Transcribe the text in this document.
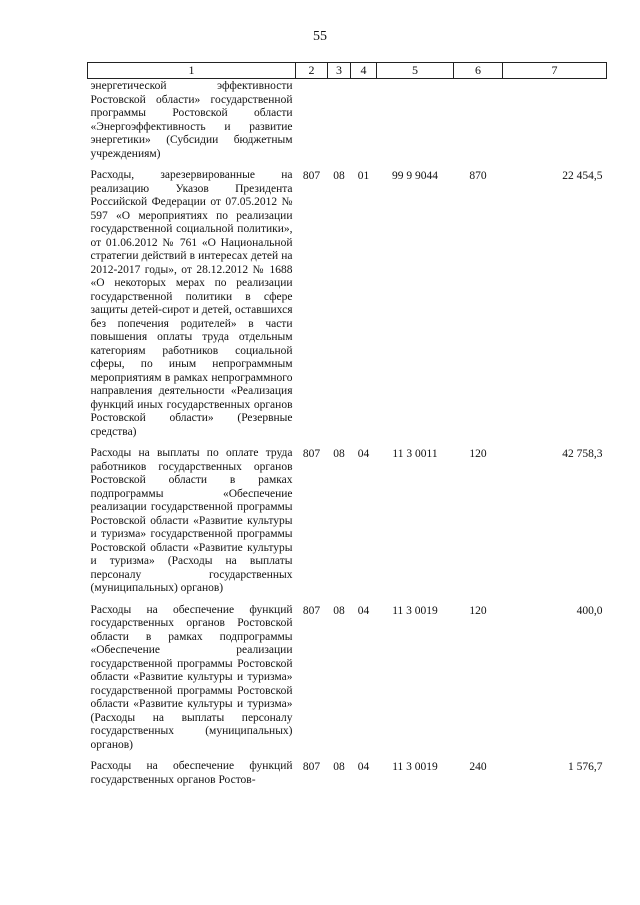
55
1	2	3	4	5	6	7
энергетической эффективности Ростовской области» государственной программы Ростовской области «Энергоэффективность и развитие энергетики» (Субсидии бюджетным учреждениям)						
Расходы, зарезервированные на реализацию Указов Президента Российской Федерации от 07.05.2012 № 597 «О мероприятиях по реализации государственной социальной политики», от 01.06.2012 № 761 «О Национальной стратегии действий в интересах детей на 2012-2017 годы», от 28.12.2012 № 1688 «О некоторых мерах по реализации государственной политики в сфере защиты детей-сирот и детей, оставшихся без попечения родителей» в части повышения оплаты труда отдельным категориям работников социальной сферы, по иным непрограммным мероприятиям в рамках непрограммного направления деятельности «Реализация функций иных государственных органов Ростовской области» (Резервные средства)	807	08	01	99 9 9044	870	22 454,5
Расходы на выплаты по оплате труда работников государственных органов Ростовской области в рамках подпрограммы «Обеспечение реализации государственной программы Ростовской области «Развитие культуры и туризма» государственной программы Ростовской области «Развитие культуры и туризма» (Расходы на выплаты персоналу государственных (муниципальных) органов)	807	08	04	11 3 0011	120	42 758,3
Расходы на обеспечение функций государственных органов Ростовской области в рамках подпрограммы «Обеспечение реализации государственной программы Ростовской области «Развитие культуры и туризма» государственной программы Ростовской области «Развитие культуры и туризма» (Расходы на выплаты персоналу государственных (муниципальных) органов)	807	08	04	11 3 0019	120	400,0
Расходы на обеспечение функций государственных органов Ростов-	807	08	04	11 3 0019	240	1 576,7
